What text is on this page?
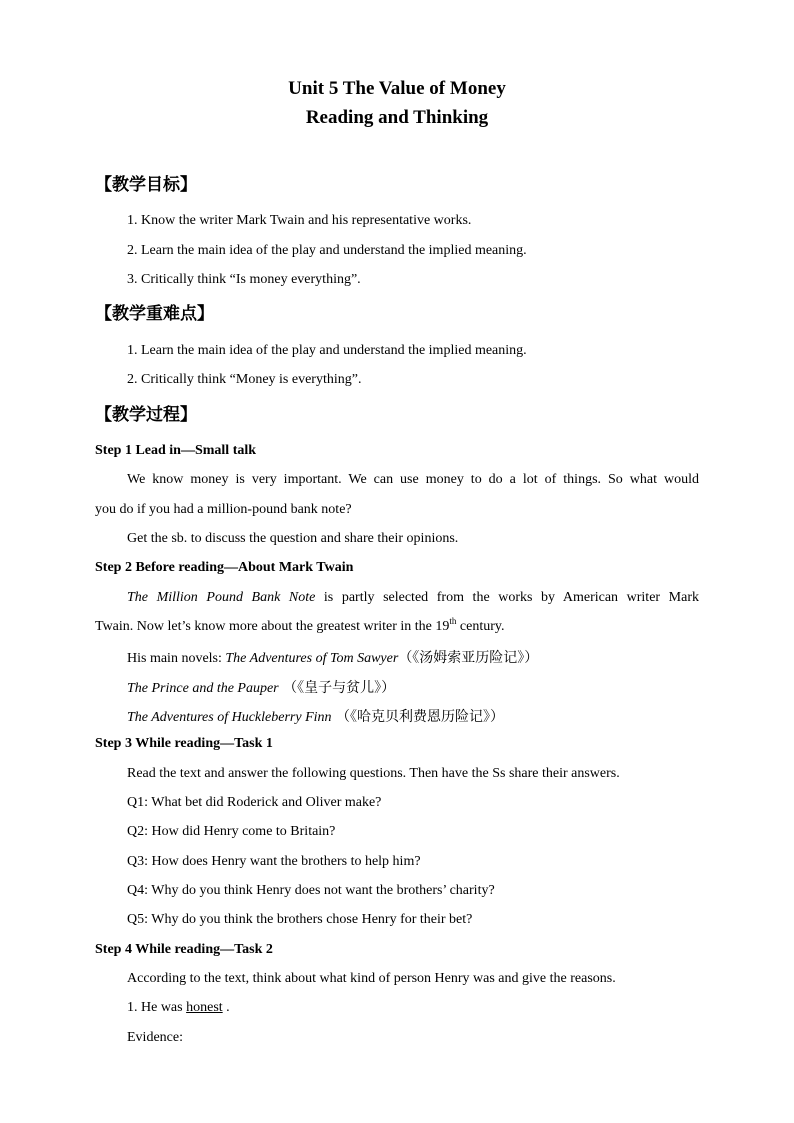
Unit 5 The Value of Money
Reading and Thinking
【教学目标】

1. Know the writer Mark Twain and his representative works.

2. Learn the main idea of the play and understand the implied meaning.

3. Critically think “Is money everything”.

【教学重难点】

1. Learn the main idea of the play and understand the implied meaning.

2. Critically think “Money is everything”.

【教学过程】

Step 1 Lead in—Small talk

We know money is very important. We can use money to do a lot of things. So what would

you do if you had a million-pound bank note?

Get the sb. to discuss the question and share their opinions.

Step 2 Before reading—About Mark Twain

The Million Pound Bank Note is partly selected from the works by American writer Mark

Twain. Now let’s know more about the greatest writer in the 19th century.

His main novels: The Adventures of Tom Sawyer（《汤姆索亚历险记》）

The Prince and the Pauper （《皇子与贫儿》）

The Adventures of Huckleberry Finn （《哈克贝利费恩历险记》）

Step 3 While reading—Task 1

Read the text and answer the following questions. Then have the Ss share their answers.

Q1: What bet did Roderick and Oliver make?

Q2: How did Henry come to Britain?

Q3: How does Henry want the brothers to help him?

Q4: Why do you think Henry does not want the brothers’ charity?

Q5: Why do you think the brothers chose Henry for their bet?

Step 4 While reading—Task 2

According to the text, think about what kind of person Henry was and give the reasons.

1. He was honest .

Evidence:
